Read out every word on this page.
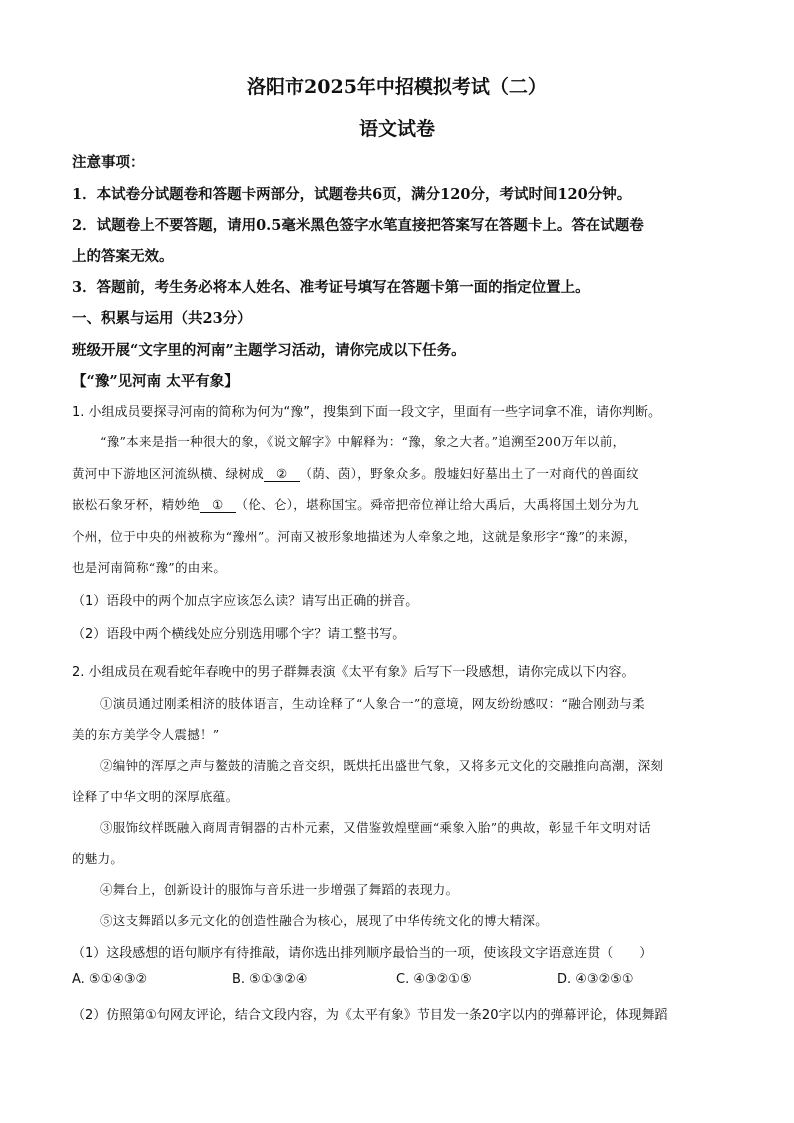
洛阳市2025年中招模拟考试（二）
语文试卷
注意事项：
1．本试卷分试题卷和答题卡两部分，试题卷共6页，满分120分，考试时间120分钟。
2．试题卷上不要答题，请用0.5毫米黑色签字水笔直接把答案写在答题卡上。答在试题卷
上的答案无效。
3．答题前，考生务必将本人姓名、准考证号填写在答题卡第一面的指定位置上。
一、积累与运用（共23分）
班级开展“文字里的河南”主题学习活动，请你完成以下任务。
【“豫”见河南 太平有象】
1. 小组成员要探寻河南的简称为何为“豫”，搜集到下面一段文字，里面有一些字词拿不准，请你判断。
“豫”本来是指一种很大的象，《说文解字》中解释为：“豫，象之大者。”追溯至200万年以前，
黄河中下游地区河流纵横、绿树成 ② （荫、茵），野象众多。殷墟妇好墓出土了一对商代的兽面纹
嵌松石象牙杯，精妙绝 ① （伦、仑），堪称国宝。舜帝把帝位禅让给大禹后，大禹将国土划分为九
个州，位于中央的州被称为“豫州”。河南又被形象地描述为人牵象之地，这就是象形字“豫”的来源，
也是河南简称“豫”的由来。
（1）语段中的两个加点字应该怎么读？请写出正确的拼音。
（2）语段中两个横线处应分别选用哪个字？请工整书写。
2. 小组成员在观看蛇年春晚中的男子群舞表演《太平有象》后写下一段感想，请你完成以下内容。
①演员通过刚柔相济的肢体语言，生动诠释了“人象合一”的意境，网友纷纷感叹：“融合刚劲与柔
美的东方美学令人震撼！”
②编钟的浑厚之声与鳌鼓的清脆之音交织，既烘托出盛世气象，又将多元文化的交融推向高潮，深刻
诠释了中华文明的深厚底蕴。
③服饰纹样既融入商周青铜器的古朴元素，又借鉴敦煌壁画“乘象入胎”的典故，彰显千年文明对话
的魅力。
④舞台上，创新设计的服饰与音乐进一步增强了舞蹈的表现力。
⑤这支舞蹈以多元文化的创造性融合为核心，展现了中华传统文化的博大精深。
（1）这段感想的语句顺序有待推敲，请你选出排列顺序最恰当的一项，使该段文字语意连贯（　　）
A. ⑤①④③②	B. ⑤①③②④	C. ④③②①⑤	D. ④③②⑤①
（2）仿照第①句网友评论，结合文段内容，为《太平有象》节目发一条20字以内的弹幕评论，体现舞蹈
